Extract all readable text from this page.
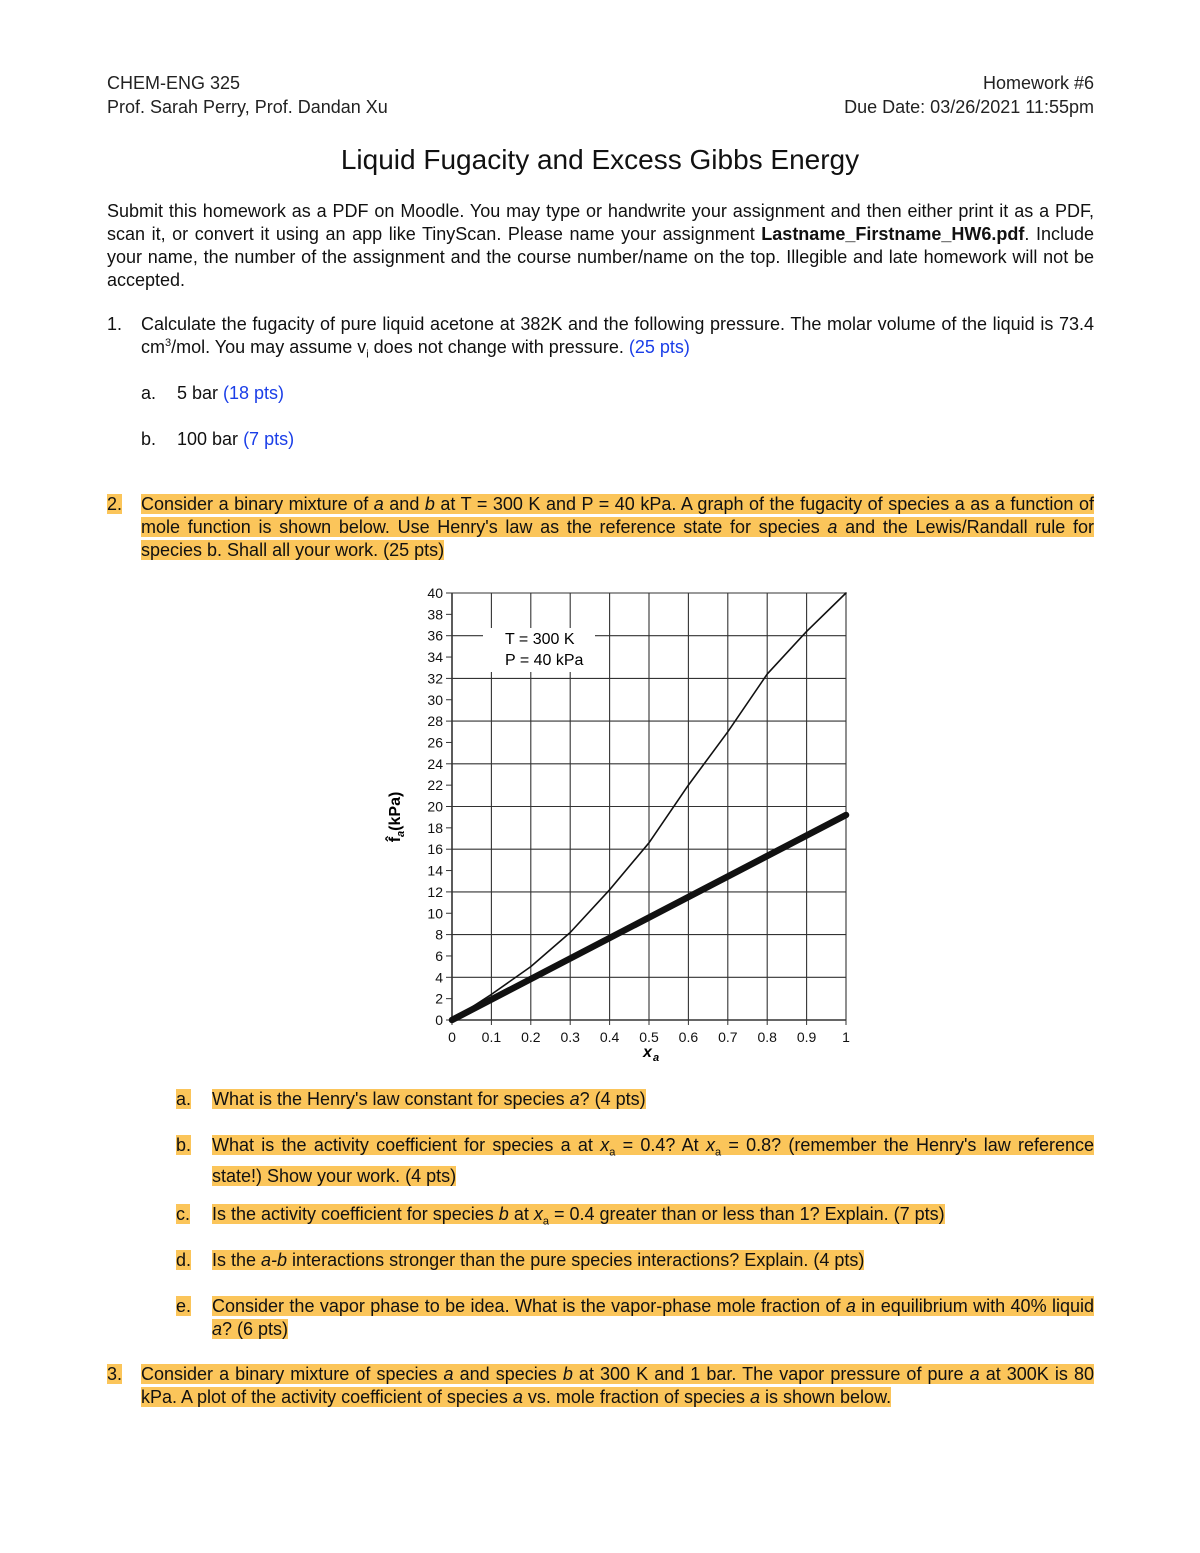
CHEM-ENG 325
Prof. Sarah Perry, Prof. Dandan Xu
Homework #6
Due Date: 03/26/2021 11:55pm
Liquid Fugacity and Excess Gibbs Energy
Submit this homework as a PDF on Moodle. You may type or handwrite your assignment and then either print it as a PDF, scan it, or convert it using an app like TinyScan. Please name your assignment Lastname_Firstname_HW6.pdf. Include your name, the number of the assignment and the course number/name on the top. Illegible and late homework will not be accepted.
1. Calculate the fugacity of pure liquid acetone at 382K and the following pressure. The molar volume of the liquid is 73.4 $cm^3$/mol. You may assume $v_i$ does not change with pressure. (25 pts)
a. 5 bar (18 pts)
b. 100 bar (7 pts)
2. Consider a binary mixture of a and b at T = 300 K and P = 40 kPa. A graph of the fugacity of species a as a function of mole function is shown below. Use Henry's law as the reference state for species a and the Lewis/Randall rule for species b. Shall all your work. (25 pts)
0
2
4
6
8
10
12
14
16
18
20
22
24
26
28
30
32
34
36
38
40
0 0.1 0.2 0.3 0.4 0.5 0.6 0.7 0.8 0.9 1
T = 300 K
P = 40 kPa
x a
$f̂_a(kPa)$
a. What is the Henry's law constant for species a? (4 pts)
b. What is the activity coefficient for species a at $x_a = 0.4$? At $x_a = 0.8$? (remember the Henry's law reference state!) Show your work. (4 pts)
c. Is the activity coefficient for species b at $x_a = 0.4$ greater than or less than 1? Explain. (7 pts)
d. Is the a-b interactions stronger than the pure species interactions? Explain. (4 pts)
e. Consider the vapor phase to be idea. What is the vapor-phase mole fraction of a in equilibrium with 40% liquid a? (6 pts)
3. Consider a binary mixture of species a and species b at 300 K and 1 bar. The vapor pressure of pure a at 300K is 80 kPa. A plot of the activity coefficient of species a vs. mole fraction of species a is shown below.
